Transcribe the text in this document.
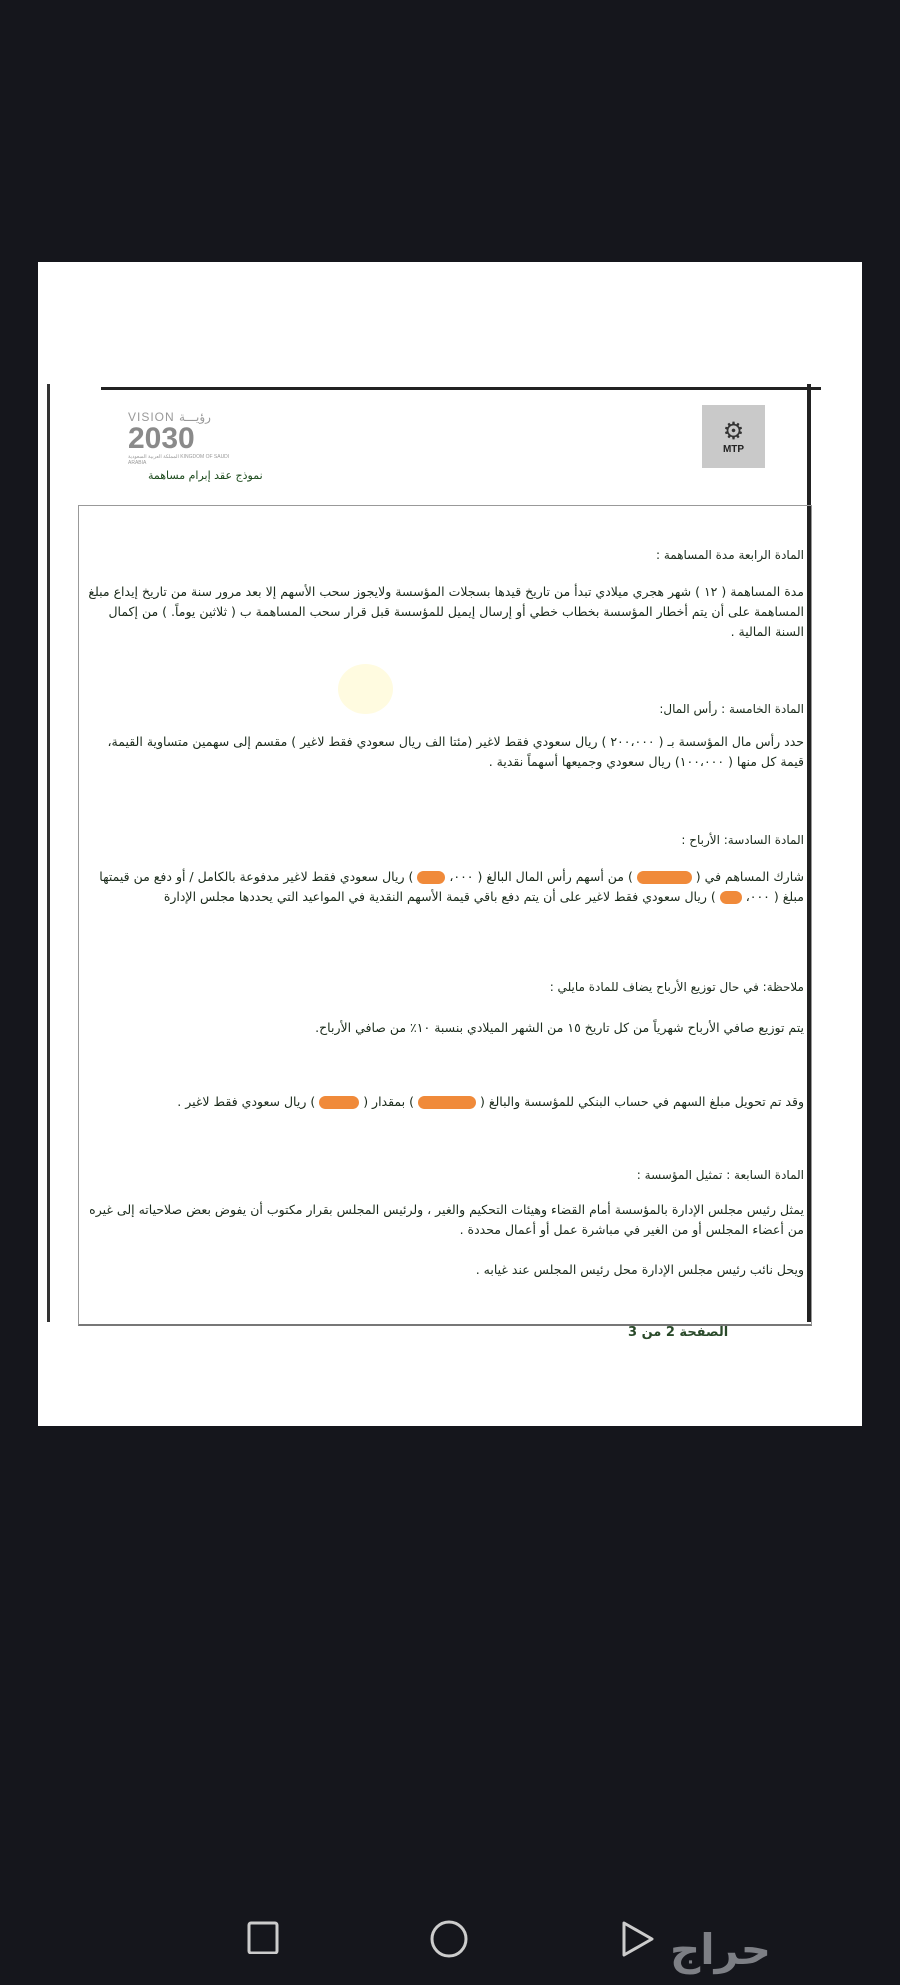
VISION رؤيـــة
2030
المملكة العربية السعودية KINGDOM OF SAUDI ARABIA
نموذج عقد إبرام مساهمة
⚙
MTP
المادة الرابعة مدة المساهمة :
مدة المساهمة ( ١٢ ) شهر هجري ميلادي تبدأ من تاريخ قيدها بسجلات المؤسسة ولايجوز سحب الأسهم إلا بعد مرور سنة من تاريخ إيداع مبلغ المساهمة على أن يتم أخطار المؤسسة بخطاب خطي أو إرسال إيميل للمؤسسة قبل قرار سحب المساهمة ب ( ثلاثين يوماً. ) من إكمال السنة المالية .
المادة الخامسة : رأس المال:
حدد رأس مال المؤسسة بـ ( ٢٠٠،٠٠٠ ) ريال سعودي فقط لاغير (مئتا الف ريال سعودي فقط لاغير ) مقسم إلى سهمين متساوية القيمة، قيمة كل منها ( ١٠٠،٠٠٠) ريال سعودي وجميعها أسهماً نقدية .
المادة السادسة: الأرباح :
شارك المساهم في (  ) من أسهم رأس المال البالغ ( ٠٠٠،  ) ريال سعودي فقط لاغير مدفوعة بالكامل / أو دفع من قيمتها مبلغ ( ٠٠٠،  ) ريال سعودي فقط لاغير على أن يتم دفع باقي قيمة الأسهم النقدية في المواعيد التي يحددها مجلس الإدارة
ملاحظة: في حال توزيع الأرباح يضاف للمادة مايلي :
يتم توزيع صافي الأرباح شهرياً من كل تاريخ ١٥ من الشهر الميلادي بنسبة ١٠٪ من صافي الأرباح.
وقد تم تحويل مبلغ السهم في حساب البنكي للمؤسسة والبالغ (  ) بمقدار (  ) ريال سعودي فقط لاغير .
المادة السابعة : تمثيل المؤسسة :
يمثل رئيس مجلس الإدارة بالمؤسسة أمام القضاء وهيئات التحكيم والغير ، ولرئيس المجلس بقرار مكتوب أن يفوض بعض صلاحياته إلى غيره من أعضاء المجلس أو من الغير في مباشرة عمل أو أعمال محددة .
ويحل نائب رئيس مجلس الإدارة محل رئيس المجلس عند غيابه .
الصفحة 2 من 3
حراج
